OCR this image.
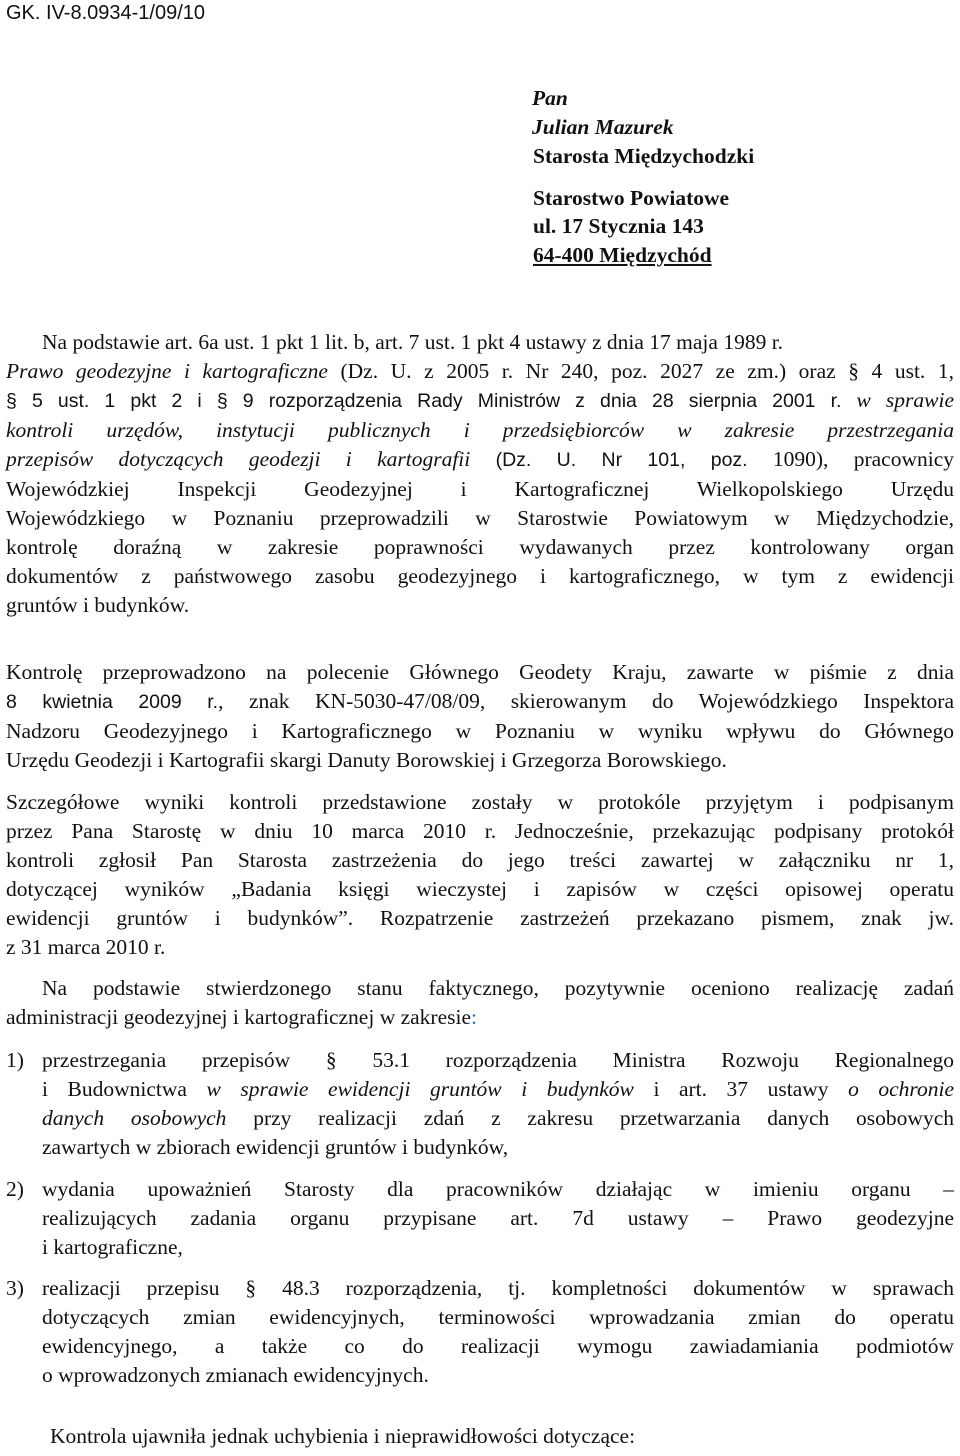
GK. IV-8.0934-1/09/10
Pan
Julian Mazurek
Starosta Międzychodzki
Starostwo Powiatowe
ul. 17 Stycznia 143
64-400 Międzychód
Na podstawie art. 6a ust. 1 pkt 1 lit. b, art. 7 ust. 1 pkt 4 ustawy z dnia 17 maja 1989 r.
Prawo geodezyjne i kartograficzne (Dz. U. z 2005 r. Nr 240, poz. 2027 ze zm.) oraz § 4 ust. 1,
§ 5 ust. 1 pkt 2 i § 9 rozporządzenia Rady Ministrów z dnia 28 sierpnia 2001 r. w sprawie
kontroli urzędów, instytucji publicznych i przedsiębiorców w zakresie przestrzegania
przepisów dotyczących geodezji i kartografii (Dz. U. Nr 101, poz. 1090), pracownicy
Wojewódzkiej Inspekcji Geodezyjnej i Kartograficznej Wielkopolskiego Urzędu
Wojewódzkiego w Poznaniu przeprowadzili w Starostwie Powiatowym w Międzychodzie,
kontrolę doraźną w zakresie poprawności wydawanych przez kontrolowany organ
dokumentów z państwowego zasobu geodezyjnego i kartograficznego, w tym z ewidencji
gruntów i budynków.
Kontrolę przeprowadzono na polecenie Głównego Geodety Kraju, zawarte w piśmie z dnia
8 kwietnia 2009 r., znak KN-5030-47/08/09, skierowanym do Wojewódzkiego Inspektora
Nadzoru Geodezyjnego i Kartograficznego w Poznaniu w wyniku wpływu do Głównego
Urzędu Geodezji i Kartografii skargi Danuty Borowskiej i Grzegorza Borowskiego.
Szczegółowe wyniki kontroli przedstawione zostały w protokóle przyjętym i podpisanym
przez Pana Starostę w dniu 10 marca 2010 r. Jednocześnie, przekazując podpisany protokół
kontroli zgłosił Pan Starosta zastrzeżenia do jego treści zawartej w załączniku nr 1,
dotyczącej wyników „Badania księgi wieczystej i zapisów w części opisowej operatu
ewidencji gruntów i budynków”. Rozpatrzenie zastrzeżeń przekazano pismem, znak jw.
z 31 marca 2010 r.
Na podstawie stwierdzonego stanu faktycznego, pozytywnie oceniono realizację zadań
administracji geodezyjnej i kartograficznej w zakresie:
1) przestrzegania przepisów § 53.1 rozporządzenia Ministra Rozwoju Regionalnego
i Budownictwa w sprawie ewidencji gruntów i budynków i art. 37 ustawy o ochronie
danych osobowych przy realizacji zdań z zakresu przetwarzania danych osobowych
zawartych w zbiorach ewidencji gruntów i budynków,
2) wydania upoważnień Starosty dla pracowników działając w imieniu organu –
realizujących zadania organu przypisane art. 7d ustawy – Prawo geodezyjne
i kartograficzne,
3) realizacji przepisu § 48.3 rozporządzenia, tj. kompletności dokumentów w sprawach
dotyczących zmian ewidencyjnych, terminowości wprowadzania zmian do operatu
ewidencyjnego, a także co do realizacji wymogu zawiadamiania podmiotów
o wprowadzonych zmianach ewidencyjnych.
Kontrola ujawniła jednak uchybienia i nieprawidłowości dotyczące:
